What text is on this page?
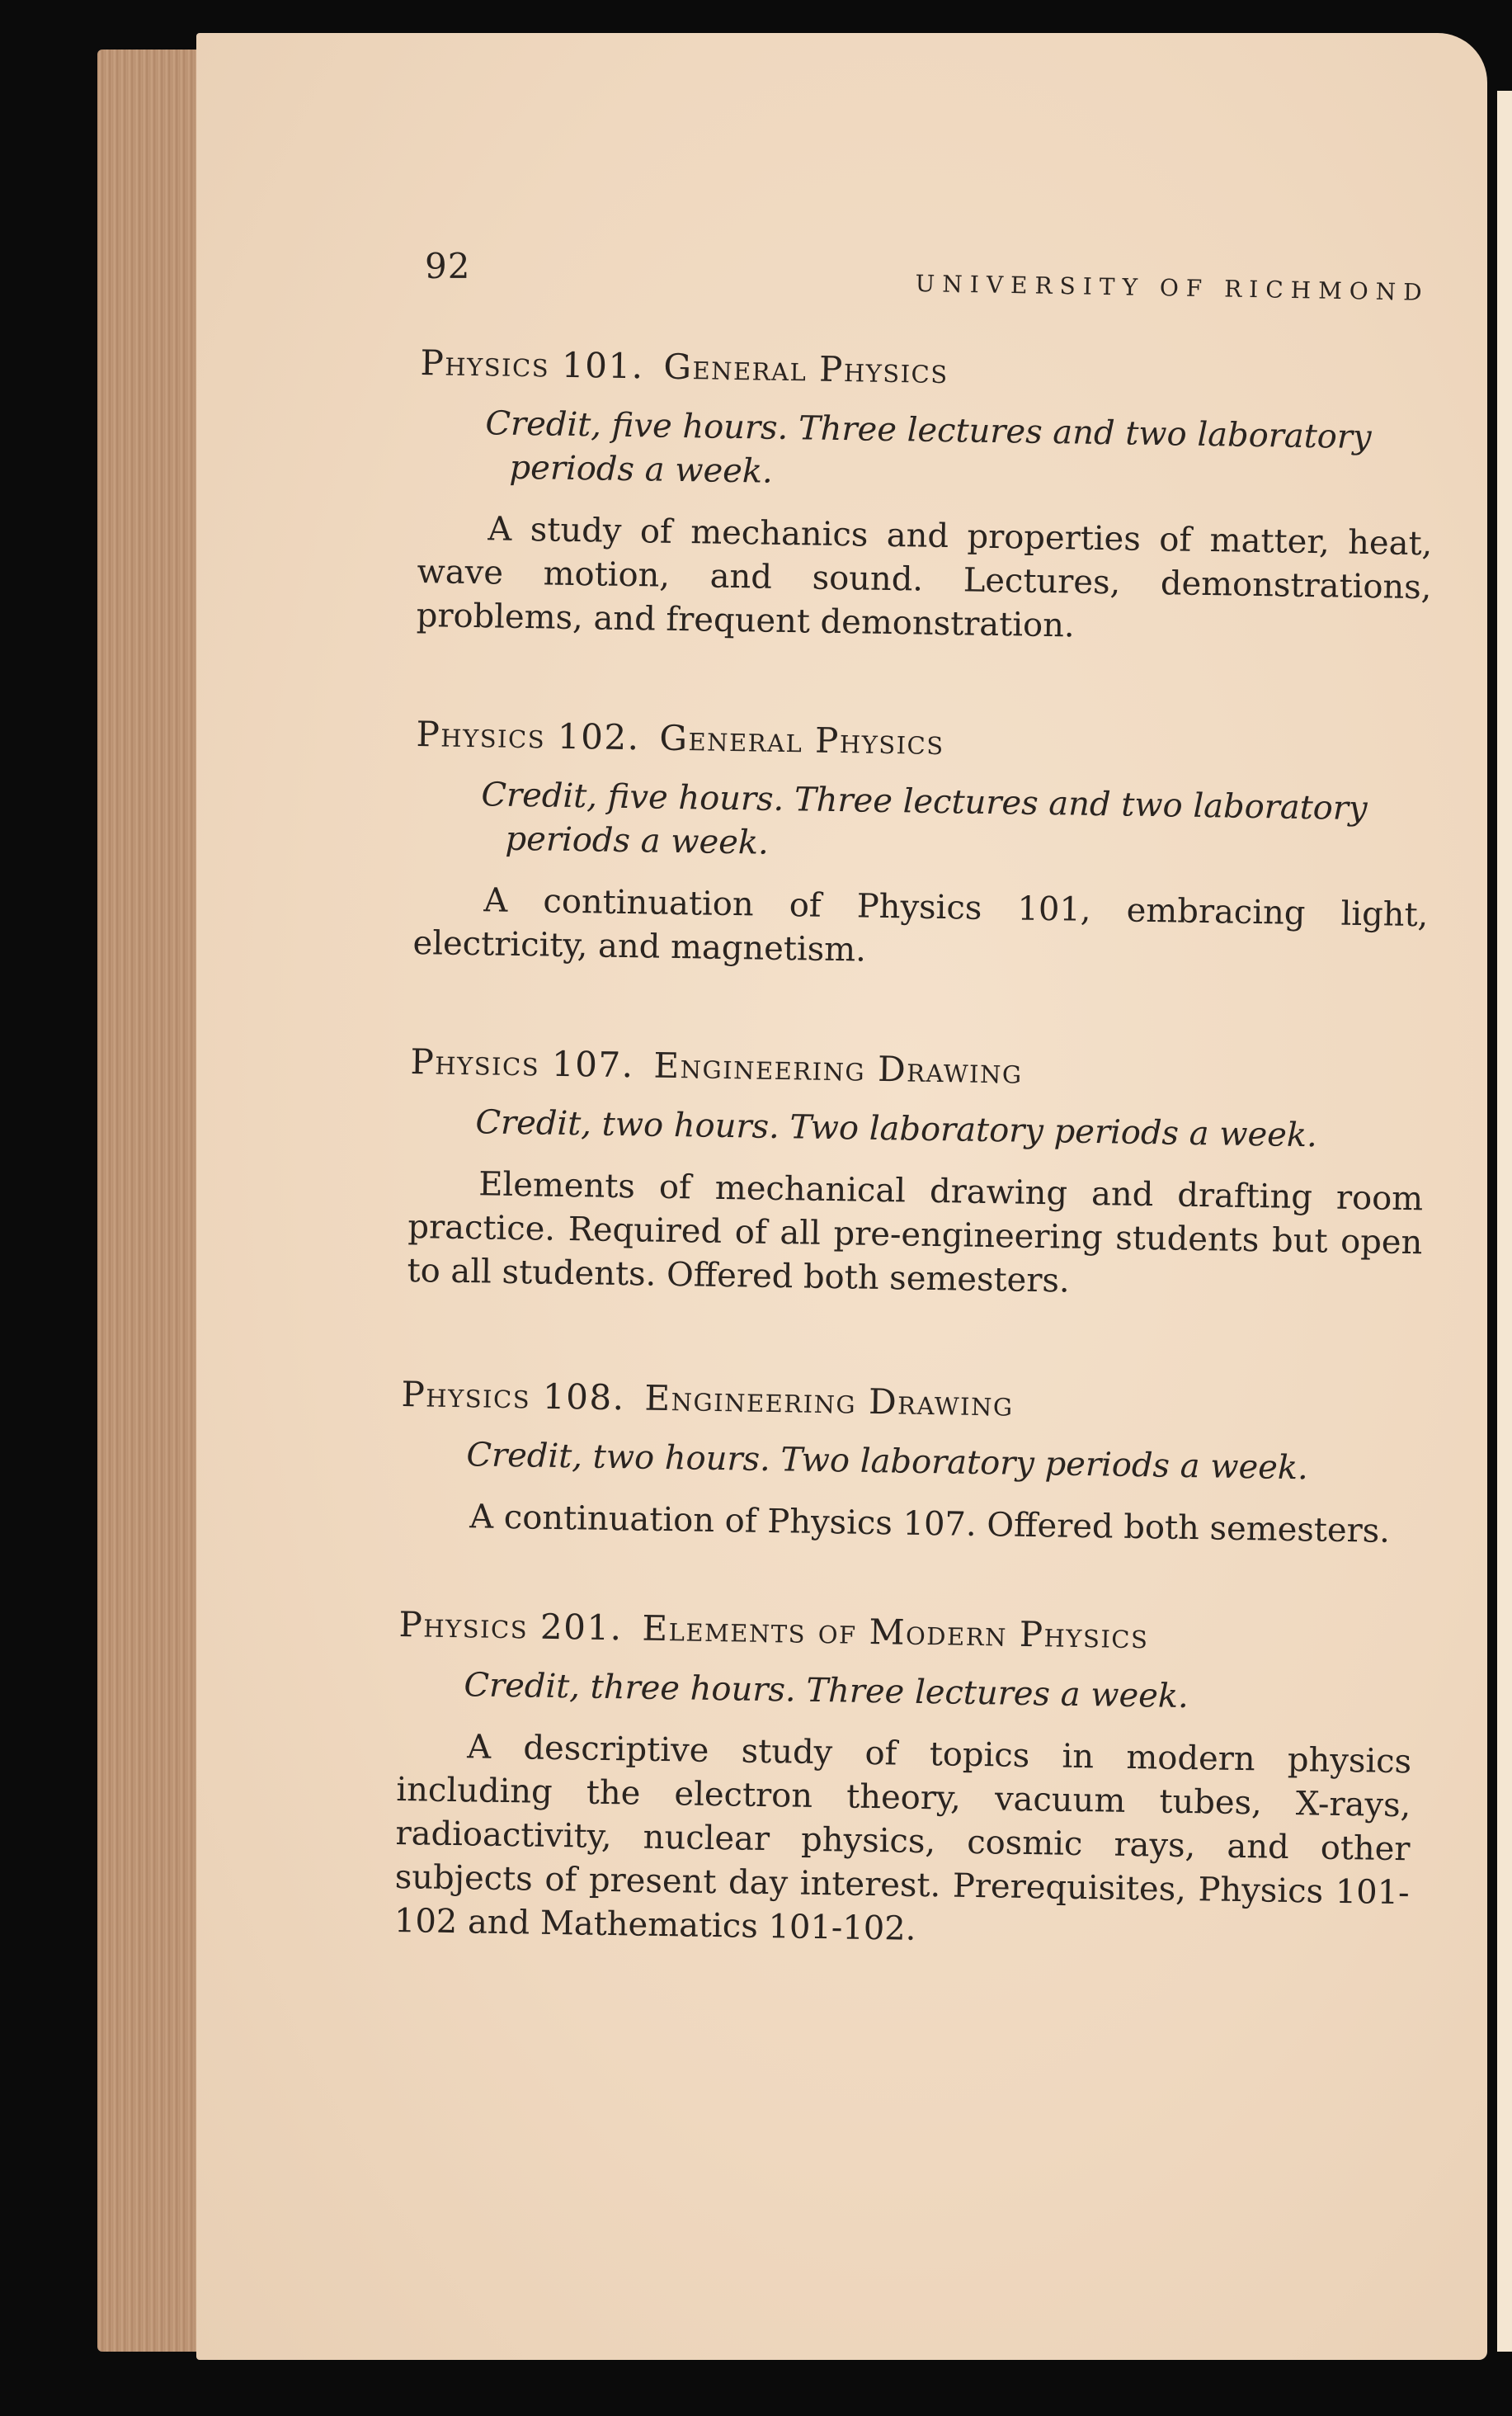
92
UNIVERSITY OF RICHMOND
Physics 101. General Physics
Credit, five hours. Three lectures and two laboratory periods a week.

A study of mechanics and properties of matter, heat, wave motion, and sound. Lectures, demonstrations, problems, and frequent demonstration.

Physics 102. General Physics
Credit, five hours. Three lectures and two laboratory periods a week.

A continuation of Physics 101, embracing light, electricity, and magnetism.

Physics 107. Engineering Drawing
Credit, two hours. Two laboratory periods a week.

Elements of mechanical drawing and drafting room practice. Required of all pre-engineering students but open to all students. Offered both semesters.

Physics 108. Engineering Drawing
Credit, two hours. Two laboratory periods a week.

A continuation of Physics 107. Offered both semesters.

Physics 201. Elements of Modern Physics
Credit, three hours. Three lectures a week.

A descriptive study of topics in modern physics including the electron theory, vacuum tubes, X-rays, radioactivity, nuclear physics, cosmic rays, and other subjects of present day interest. Prerequisites, Physics 101-102 and Mathematics 101-102.
